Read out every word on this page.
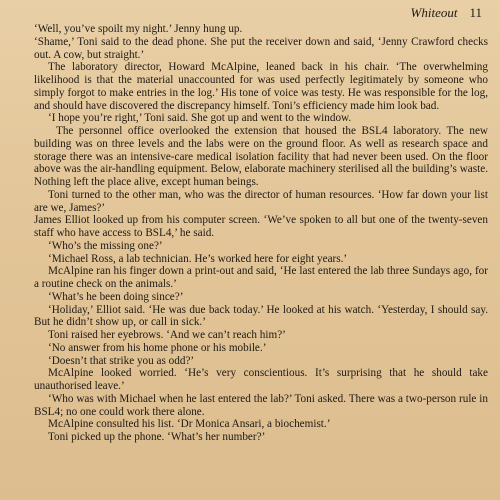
Whiteout 11

‘Well, you’ve spoilt my night.’ Jenny hung up.

‘Shame,’ Toni said to the dead phone. She put the receiver down and said, ‘Jenny Crawford checks out. A cow, but straight.’

The laboratory director, Howard McAlpine, leaned back in his chair. ‘The overwhelming likelihood is that the material unaccounted for was used perfectly legitimately by someone who simply forgot to make entries in the log.’ His tone of voice was testy. He was responsible for the log, and should have discovered the discrepancy himself. Toni’s efficiency made him look bad.

‘I hope you’re right,’ Toni said. She got up and went to the window.

The personnel office overlooked the extension that housed the BSL4 laboratory. The new building was on three levels and the labs were on the ground floor. As well as research space and storage there was an intensive-care medical isolation facility that had never been used. On the floor above was the air-handling equipment. Below, elaborate machinery sterilised all the building’s waste. Nothing left the place alive, except human beings.

Toni turned to the other man, who was the director of human resources. ‘How far down your list are we, James?’

James Elliot looked up from his computer screen. ‘We’ve spoken to all but one of the twenty-seven staff who have access to BSL4,’ he said.

‘Who’s the missing one?’

‘Michael Ross, a lab technician. He’s worked here for eight years.’

McAlpine ran his finger down a print-out and said, ‘He last entered the lab three Sundays ago, for a routine check on the animals.’

‘What’s he been doing since?’

‘Holiday,’ Elliot said. ‘He was due back today.’ He looked at his watch. ‘Yesterday, I should say. But he didn’t show up, or call in sick.’

Toni raised her eyebrows. ‘And we can’t reach him?’

‘No answer from his home phone or his mobile.’

‘Doesn’t that strike you as odd?’

McAlpine looked worried. ‘He’s very conscientious. It’s surprising that he should take unauthorised leave.’

‘Who was with Michael when he last entered the lab?’ Toni asked. There was a two-person rule in BSL4; no one could work there alone.

McAlpine consulted his list. ‘Dr Monica Ansari, a biochemist.’

Toni picked up the phone. ‘What’s her number?’
